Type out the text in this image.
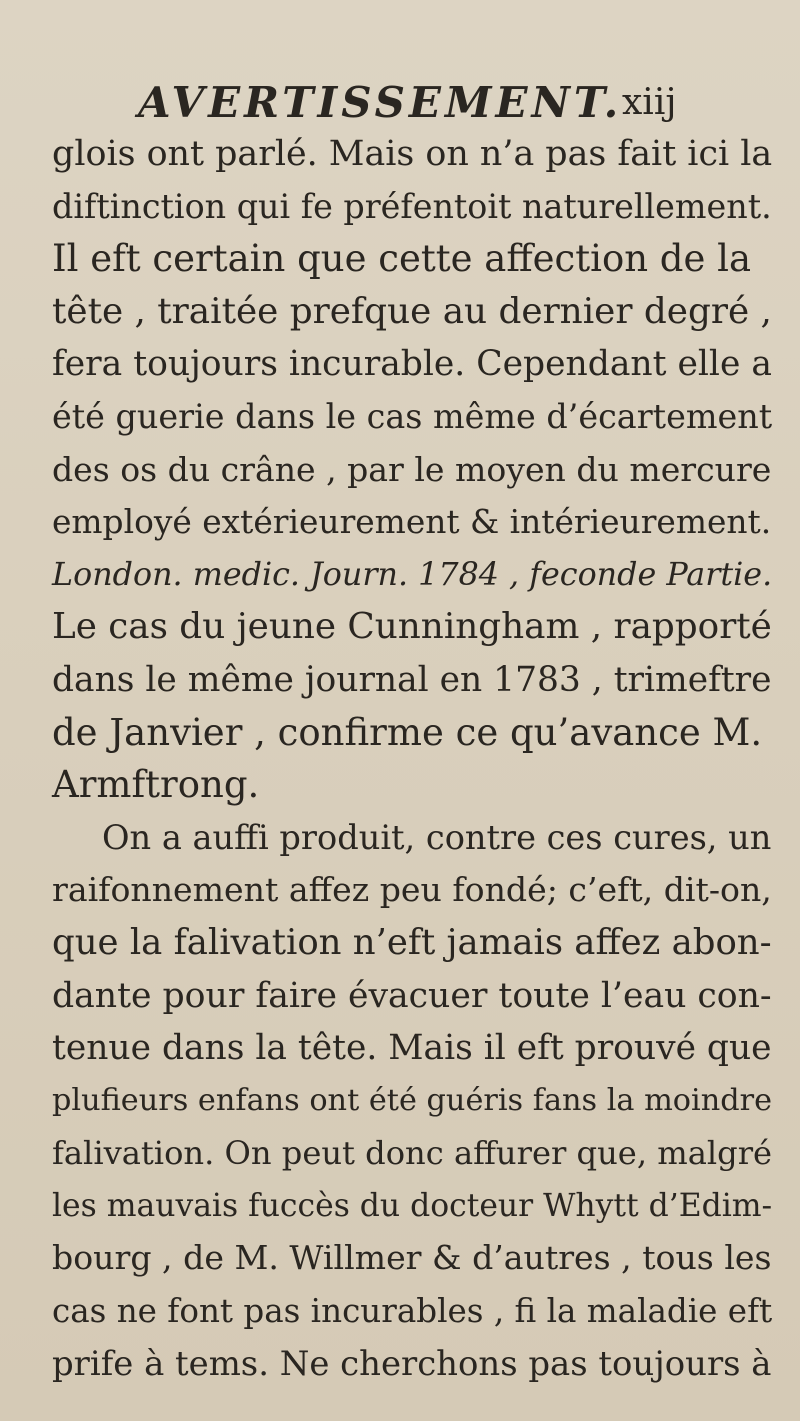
AVERTISSEMENT. xiij
glois ont parlé. Mais on n’a pas fait ici la
diftinction qui fe préfentoit naturellement.
Il eft certain que cette affection de la
tête , traitée prefque au dernier degré ,
fera toujours incurable. Cependant elle a
été guerie dans le cas même d’écartement
des os du crâne , par le moyen du mercure
employé extérieurement & intérieurement.
London. medic. Journ. 1784 , feconde Partie.
Le cas du jeune Cunningham , rapporté
dans le même journal en 1783 , trimeftre
de Janvier , confirme ce qu’avance M.
Armftrong.
On a auffi produit, contre ces cures, un
raifonnement affez peu fondé; c’eft, dit-on,
que la falivation n’eft jamais affez abon-
dante pour faire évacuer toute l’eau con-
tenue dans la tête. Mais il eft prouvé que
plufieurs enfans ont été guéris fans la moindre
falivation. On peut donc affurer que, malgré
les mauvais fuccès du docteur Whytt d’Edim-
bourg , de M. Willmer & d’autres , tous les
cas ne font pas incurables , fi la maladie eft
prife à tems. Ne cherchons pas toujours à
